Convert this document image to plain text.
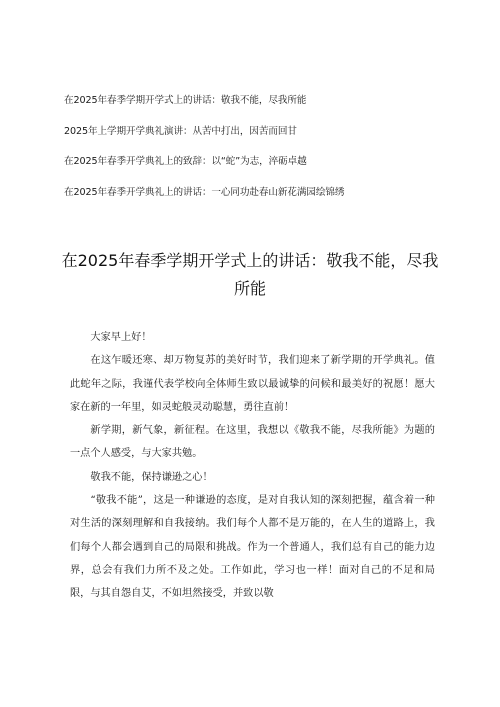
在2025年春季学期开学式上的讲话：敬我不能，尽我所能
2025年上学期开学典礼演讲：从苦中打出，因苦而回甘
在2025年春季开学典礼上的致辞：以“蛇”为志，淬砺卓越
在2025年春季开学典礼上的讲话：一心同功赴春山新花满园绘锦绣
在2025年春季学期开学式上的讲话：敬我不能，尽我所能

大家早上好！

在这乍暖还寒、却万物复苏的美好时节，我们迎来了新学期的开学典礼。值此蛇年之际，我谨代表学校向全体师生致以最诚挚的问候和最美好的祝愿！愿大家在新的一年里，如灵蛇般灵动聪慧，勇往直前！

新学期，新气象，新征程。在这里，我想以《敬我不能，尽我所能》为题的一点个人感受，与大家共勉。

敬我不能，保持谦逊之心！

“敬我不能”，这是一种谦逊的态度，是对自我认知的深刻把握，蕴含着一种对生活的深刻理解和自我接纳。我们每个人都不是万能的，在人生的道路上，我们每个人都会遇到自己的局限和挑战。作为一个普通人，我们总有自己的能力边界，总会有我们力所不及之处。工作如此，学习也一样！面对自己的不足和局限，与其自怨自艾，不如坦然接受，并致以敬
